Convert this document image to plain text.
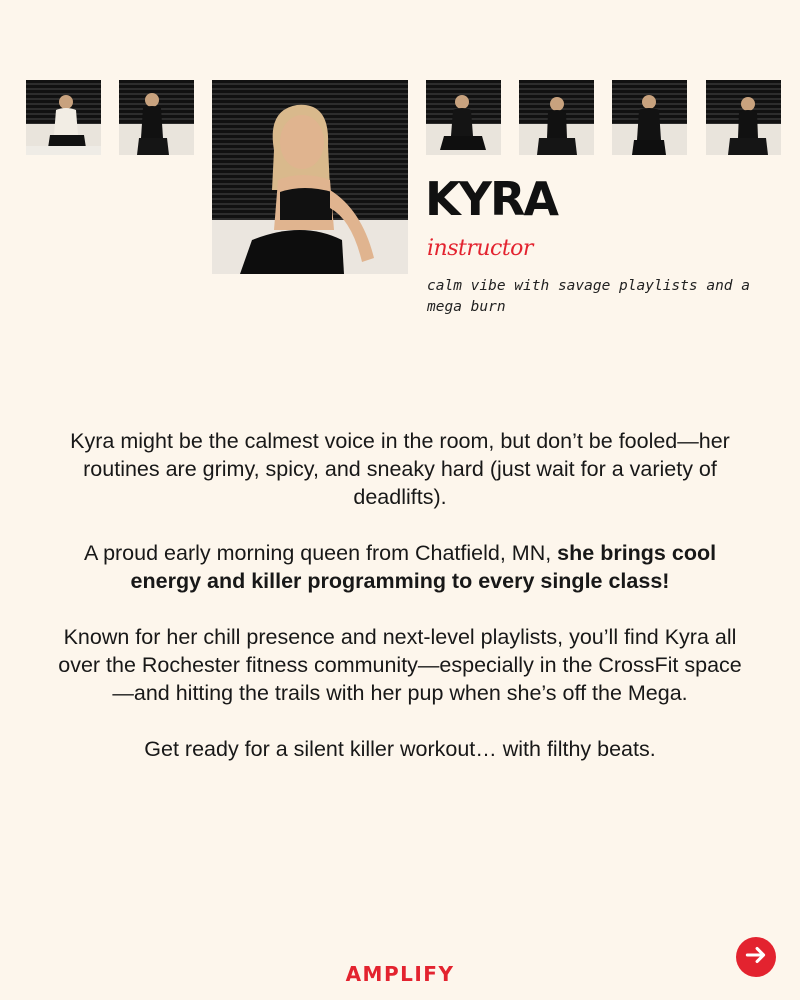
KYRA
instructor
calm vibe with savage playlists and a mega burn

Kyra might be the calmest voice in the room, but don’t be fooled—her routines are grimy, spicy, and sneaky hard (just wait for a variety of deadlifts).

A proud early morning queen from Chatfield, MN, she brings cool energy and killer programming to every single class!

Known for her chill presence and next-level playlists, you’ll find Kyra all over the Rochester fitness community—especially in the CrossFit space—and hitting the trails with her pup when she’s off the Mega.

Get ready for a silent killer workout… with filthy beats.

AMPLIFY
